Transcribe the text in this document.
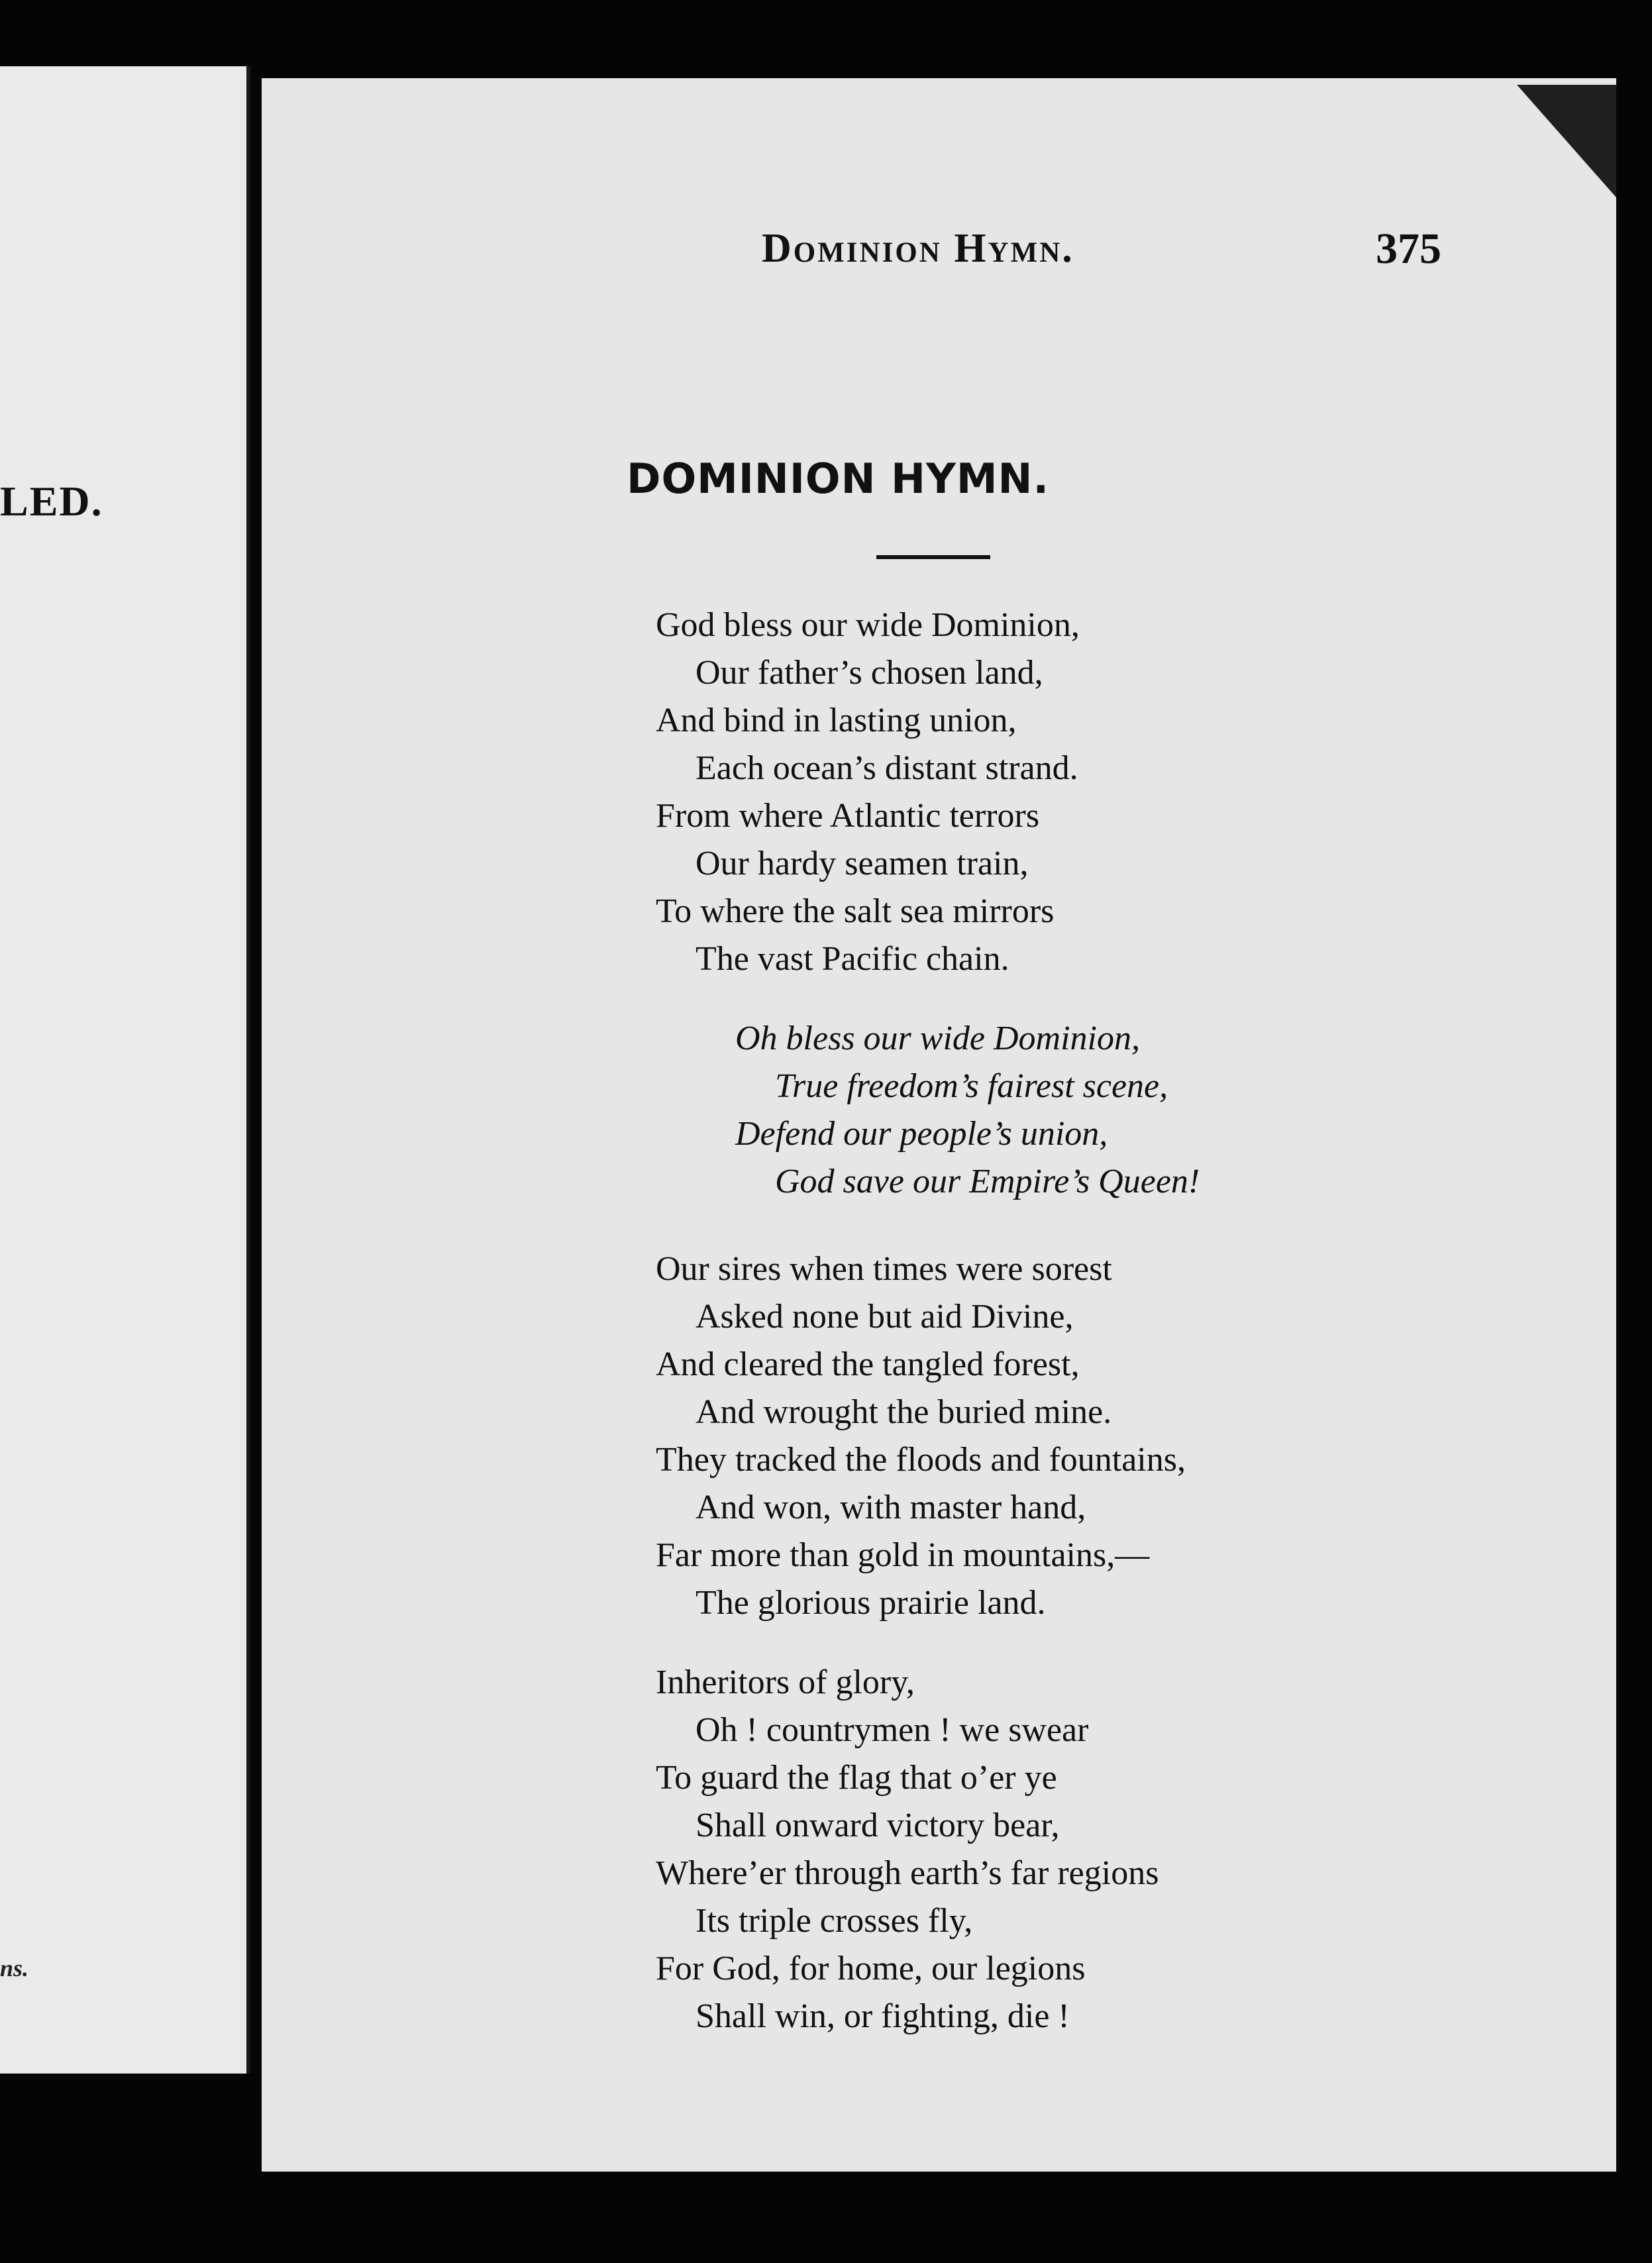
LED.
ns.
Dominion Hymn.	375
DOMINION HYMN.
God bless our wide Dominion,
Our father’s chosen land,
And bind in lasting union,
Each ocean’s distant strand.
From where Atlantic terrors
Our hardy seamen train,
To where the salt sea mirrors
The vast Pacific chain.
Oh bless our wide Dominion,
True freedom’s fairest scene,
Defend our people’s union,
God save our Empire’s Queen!
Our sires when times were sorest
Asked none but aid Divine,
And cleared the tangled forest,
And wrought the buried mine.
They tracked the floods and fountains,
And won, with master hand,
Far more than gold in mountains,—
The glorious prairie land.
Inheritors of glory,
Oh ! countrymen ! we swear
To guard the flag that o’er ye
Shall onward victory bear,
Where’er through earth’s far regions
Its triple crosses fly,
For God, for home, our legions
Shall win, or fighting, die !
